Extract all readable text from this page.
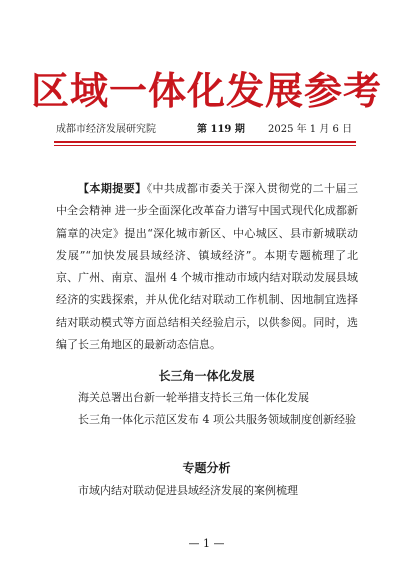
区域一体化发展参考
成都市经济发展研究院	第 119 期 2025 年 1 月 6 日

【本期提要】《中共成都市委关于深入贯彻党的二十届三中全会精神 进一步全面深化改革奋力谱写中国式现代化成都新篇章的决定》提出“深化城市新区、中心城区、县市新城联动发展”“加快发展县域经济、镇域经济”。本期专题梳理了北京、广州、南京、温州 4 个城市推动市域内结对联动发展县域经济的实践探索，并从优化结对联动工作机制、因地制宜选择结对联动模式等方面总结相关经验启示，以供参阅。同时，选编了长三角地区的最新动态信息。

长三角一体化发展
海关总署出台新一轮举措支持长三角一体化发展
长三角一体化示范区发布 4 项公共服务领域制度创新经验
专题分析
市域内结对联动促进县域经济发展的案例梳理
— 1 —
